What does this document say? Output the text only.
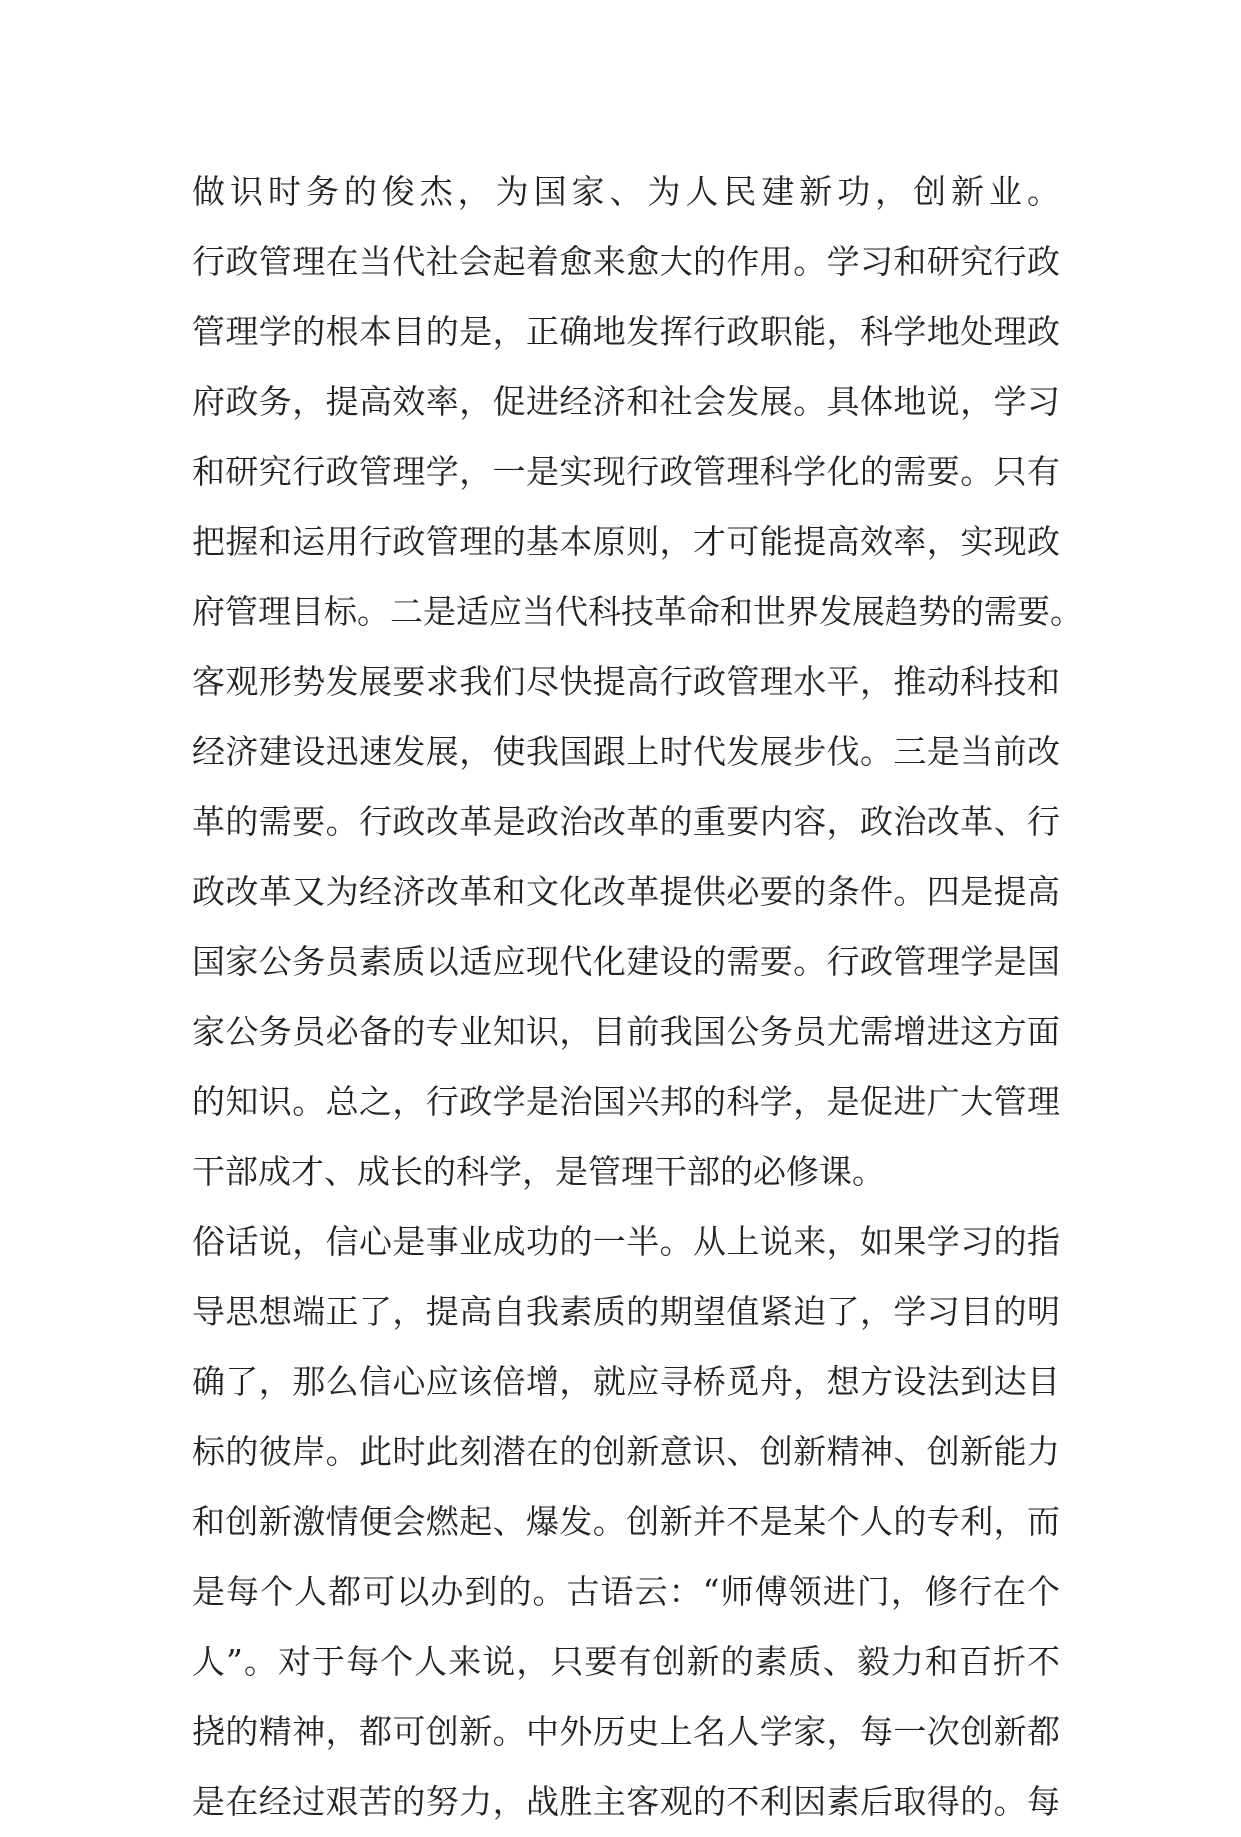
做识时务的俊杰，为国家、为人民建新功，创新业。
行政管理在当代社会起着愈来愈大的作用。学习和研究行政
管理学的根本目的是，正确地发挥行政职能，科学地处理政
府政务，提高效率，促进经济和社会发展。具体地说，学习
和研究行政管理学，一是实现行政管理科学化的需要。只有
把握和运用行政管理的基本原则，才可能提高效率，实现政
府管理目标。二是适应当代科技革命和世界发展趋势的需要。
客观形势发展要求我们尽快提高行政管理水平，推动科技和
经济建设迅速发展，使我国跟上时代发展步伐。三是当前改
革的需要。行政改革是政治改革的重要内容，政治改革、行
政改革又为经济改革和文化改革提供必要的条件。四是提高
国家公务员素质以适应现代化建设的需要。行政管理学是国
家公务员必备的专业知识，目前我国公务员尤需增进这方面
的知识。总之，行政学是治国兴邦的科学，是促进广大管理
干部成才、成长的科学，是管理干部的必修课。
俗话说，信心是事业成功的一半。从上说来，如果学习的指
导思想端正了，提高自我素质的期望值紧迫了，学习目的明
确了，那么信心应该倍增，就应寻桥觅舟，想方设法到达目
标的彼岸。此时此刻潜在的创新意识、创新精神、创新能力
和创新激情便会燃起、爆发。创新并不是某个人的专利，而
是每个人都可以办到的。古语云：“师傅领进门，修行在个
人”。对于每个人来说，只要有创新的素质、毅力和百折不
挠的精神，都可创新。中外历史上名人学家，每一次创新都
是在经过艰苦的努力，战胜主客观的不利因素后取得的。每
